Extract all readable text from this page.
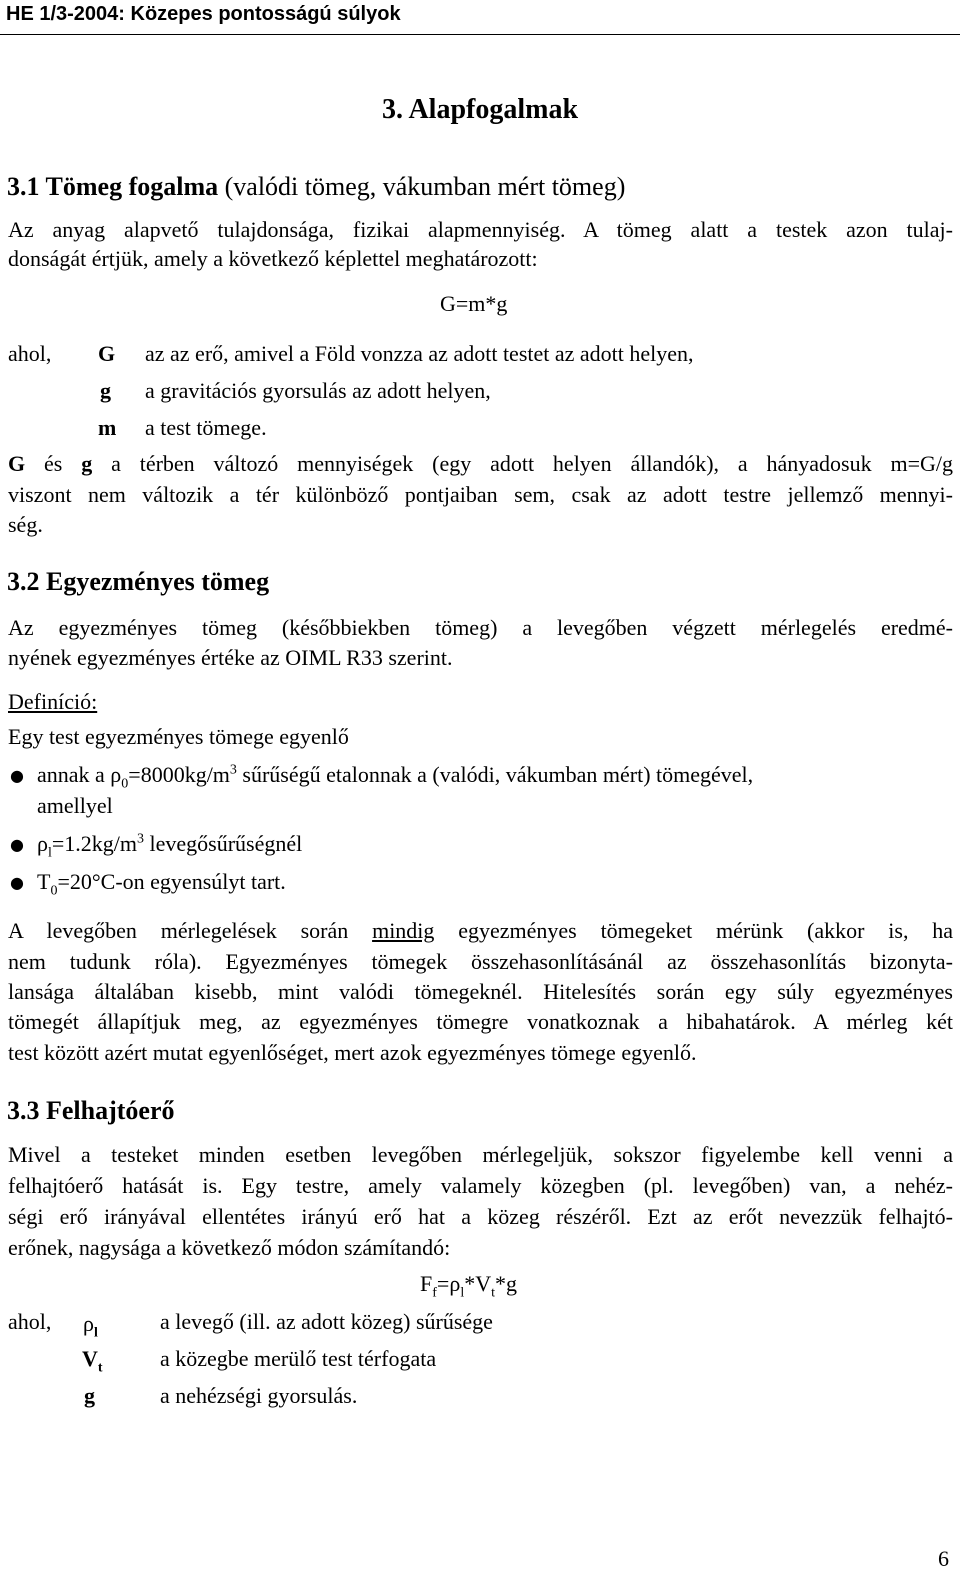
HE 1/3-2004: Közepes pontosságú súlyok
3. Alapfogalmak
3.1 Tömeg fogalma (valódi tömeg, vákumban mért tömeg)
Az anyag alapvető tulajdonsága, fizikai alapmennyiség. A tömeg alatt a testek azon tulaj-
donságát értjük, amely a következő képlettel meghatározott:
G=m*g
ahol, G az az erő, amivel a Föld vonzza az adott testet az adott helyen,
g a gravitációs gyorsulás az adott helyen,
m a test tömege.
G és g a térben változó mennyiségek (egy adott helyen állandók), a hányadosuk m=G/g
viszont nem változik a tér különböző pontjaiban sem, csak az adott testre jellemző mennyi-
ség.
3.2 Egyezményes tömeg
Az egyezményes tömeg (későbbiekben tömeg) a levegőben végzett mérlegelés eredmé-
nyének egyezményes értéke az OIML R33 szerint.
Definíció:
Egy test egyezményes tömege egyenlő
● annak a $\rho_0=8000kg/m^3$ sűrűségű etalonnak a (valódi, vákumban mért) tömegével,
amellyel
● $\rho_l=1.2kg/m^3$ levegősűrűségnél
● $T_0=20^\circ C-on$ egyensúlyt tart.
A levegőben mérlegelések során mindig egyezményes tömegeket mérünk (akkor is, ha
nem tudunk róla). Egyezményes tömegek összehasonlításánál az összehasonlítás bizonyta-
lansága általában kisebb, mint valódi tömegeknél. Hitelesítés során egy súly egyezményes
tömegét állapítjuk meg, az egyezményes tömegre vonatkoznak a hibahatárok. A mérleg két
test között azért mutat egyenlőséget, mert azok egyezményes tömege egyenlő.
3.3 Felhajtóerő
Mivel a testeket minden esetben levegőben mérlegeljük, sokszor figyelembe kell venni a
felhajtóerő hatását is. Egy testre, amely valamely közegben (pl. levegőben) van, a nehéz-
ségi erő irányával ellentétes irányú erő hat a közeg részéről. Ezt az erőt nevezzük felhajtó-
erőnek, nagysága a következő módon számítandó:
$F_f=\rho_l*V_t*g$
ahol, $\rho_l$	a levegő (ill. az adott közeg) sűrűsége
$V_t$	a közegbe merülő test térfogata
g	a nehézségi gyorsulás.
6
